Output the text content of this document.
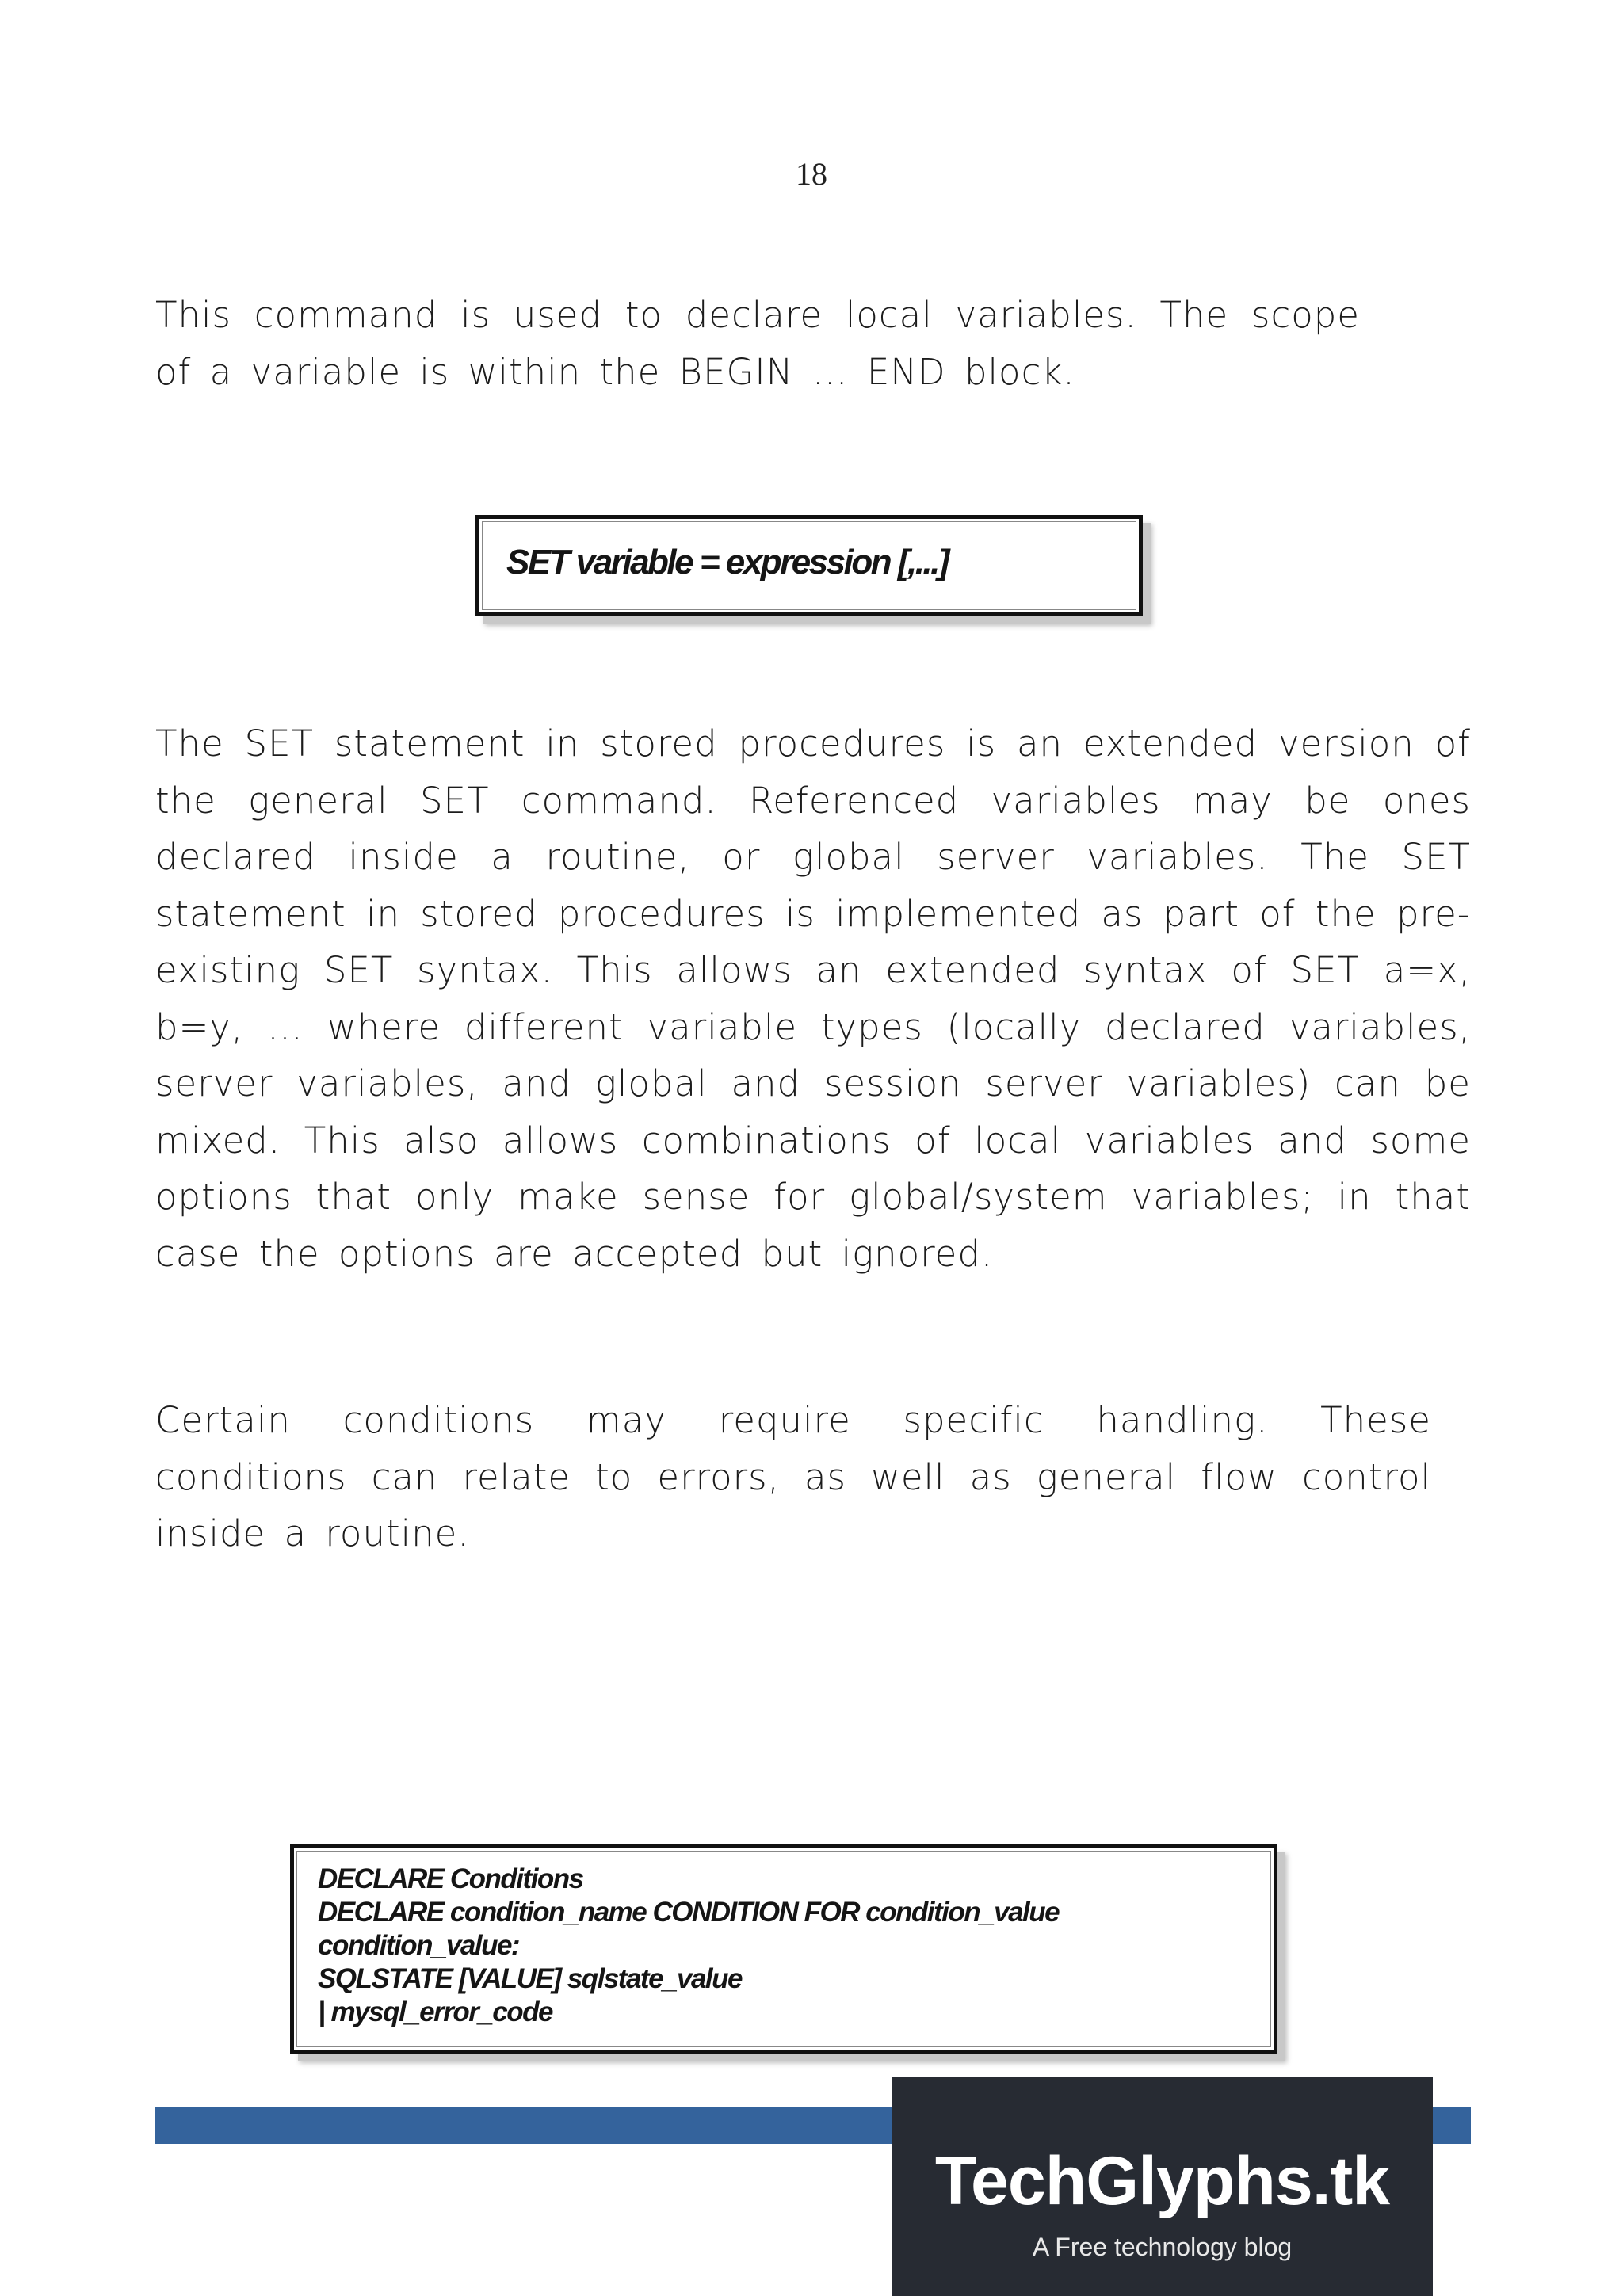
18
This command is used to declare local variables. The scope of a variable is within the BEGIN … END block.
SET variable = expression [,...]
The SET statement in stored procedures is an extended version of the general SET command. Referenced variables may be ones declared inside a routine, or global server variables. The SET statement in stored procedures is implemented as part of the pre-existing SET syntax. This allows an extended syntax of SET a=x, b=y, … where different variable types (locally declared variables, server variables, and global and session server variables) can be mixed. This also allows combinations of local variables and some options that only make sense for global/system variables; in that case the options are accepted but ignored.
Certain conditions may require specific handling. These conditions can relate to errors, as well as general flow control inside a routine.
DECLARE Conditions
DECLARE condition_name CONDITION FOR condition_value
condition_value:
SQLSTATE [VALUE] sqlstate_value
| mysql_error_code
TechGlyphs.tk
A Free technology blog
